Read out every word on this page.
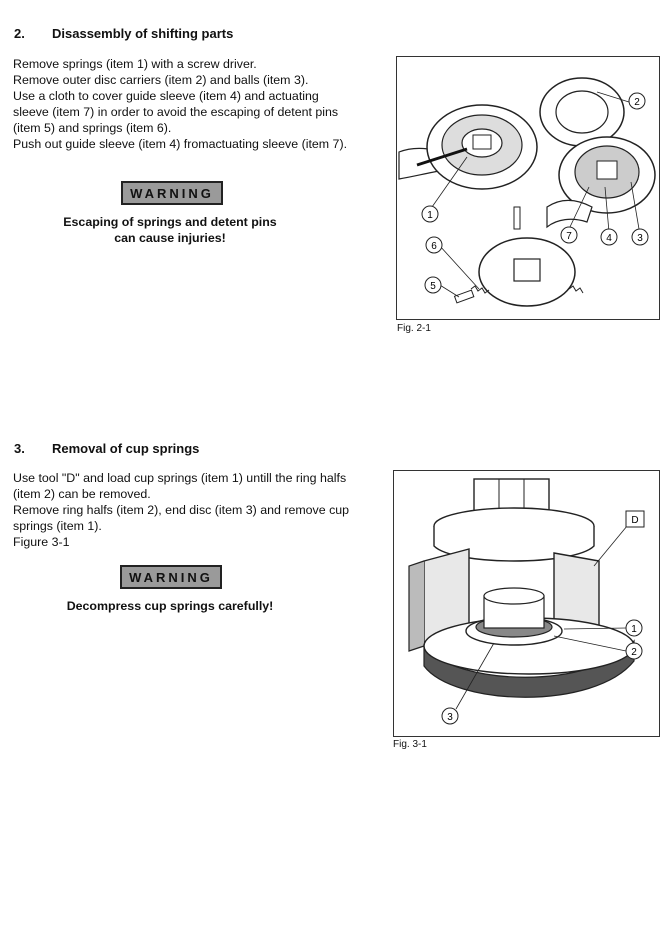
2. Disassembly of shifting parts
Remove springs (item 1) with a screw driver.
Remove outer disc carriers (item 2) and balls (item 3).
Use a cloth to cover guide sleeve (item 4) and actuating
sleeve (item 7) in order to avoid the escaping of detent pins
(item 5) and springs (item 6).
Push out guide sleeve (item 4) fromactuating sleeve (item 7).
WARNING
Escaping of springs and detent pins
can cause injuries!
1
2
3
4
5
6
7
Fig. 2-1
3. Removal of cup springs
Use tool "D" and load cup springs (item 1) untill the ring halfs
(item 2) can be removed.
Remove ring halfs (item 2), end disc (item 3) and remove cup
springs (item 1).
Figure 3-1
WARNING
Decompress cup springs carefully!
D
1
2
3
Fig. 3-1
